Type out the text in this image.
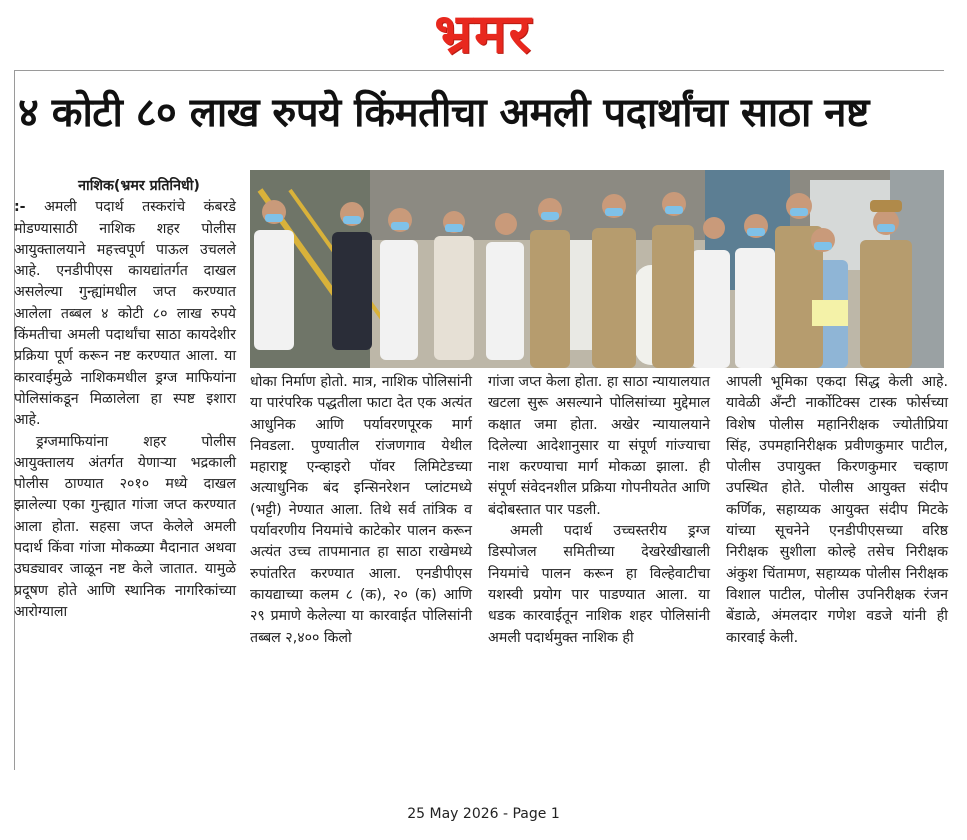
भ्रमर
४ कोटी ८० लाख रुपये किंमतीचा अमली पदार्थांचा साठा नष्ट
नाशिक(भ्रमर प्रतिनिधी)

:- अमली पदार्थ तस्करांचे कंबरडे मोडण्यासाठी नाशिक शहर पोलीस आयुक्तालयाने महत्त्वपूर्ण पाऊल उचलले आहे. एनडीपीएस कायद्यांतर्गत दाखल असलेल्या गुन्ह्यांमधील जप्त करण्यात आलेला तब्बल ४ कोटी ८० लाख रुपये किंमतीचा अमली पदार्थांचा साठा कायदेशीर प्रक्रिया पूर्ण करून नष्ट करण्यात आला. या कारवाईमुळे नाशिकमधील ड्रग्ज माफियांना पोलिसांकडून मिळालेला हा स्पष्ट इशारा आहे.

ड्रग्जमाफियांना शहर पोलीस आयुक्तालय अंतर्गत येणाऱ्या भद्रकाली पोलीस ठाण्यात २०१० मध्ये दाखल झालेल्या एका गुन्ह्यात गांजा जप्त करण्यात आला होता. सहसा जप्त केलेले अमली पदार्थ किंवा गांजा मोकळ्या मैदानात अथवा उघड्यावर जाळून नष्ट केले जातात. यामुळे प्रदूषण होते आणि स्थानिक नागरिकांच्या आरोग्याला

धोका निर्माण होतो. मात्र, नाशिक पोलिसांनी या पारंपरिक पद्धतीला फाटा देत एक अत्यंत आधुनिक आणि पर्यावरणपूरक मार्ग निवडला. पुण्यातील रांजणगाव येथील महाराष्ट्र एन्व्हाइरो पॉवर लिमिटेडच्या अत्याधुनिक बंद इन्सिनरेशन प्लांटमध्ये (भट्टी) नेण्यात आला. तिथे सर्व तांत्रिक व पर्यावरणीय नियमांचे काटेकोर पालन करून अत्यंत उच्च तापमानात हा साठा राखेमध्ये रुपांतरित करण्यात आला. एनडीपीएस कायद्याच्या कलम ८ (क), २० (क) आणि २९ प्रमाणे केलेल्या या कारवाईत पोलिसांनी तब्बल २,४०० किलो

गांजा जप्त केला होता. हा साठा न्यायालयात खटला सुरू असल्याने पोलिसांच्या मुद्देमाल कक्षात जमा होता. अखेर न्यायालयाने दिलेल्या आदेशानुसार या संपूर्ण गांज्याचा नाश करण्याचा मार्ग मोकळा झाला. ही संपूर्ण संवेदनशील प्रक्रिया गोपनीयतेत आणि बंदोबस्तात पार पडली.

अमली पदार्थ उच्चस्तरीय ड्रग्ज डिस्पोजल समितीच्या देखरेखीखाली नियमांचे पालन करून हा विल्हेवाटीचा यशस्वी प्रयोग पार पाडण्यात आला. या धडक कारवाईतून नाशिक शहर पोलिसांनी अमली पदार्थमुक्त नाशिक ही

आपली भूमिका एकदा सिद्ध केली आहे. यावेळी अँन्टी नार्कोटिक्स टास्क फोर्सच्या विशेष पोलीस महानिरीक्षक ज्योतीप्रिया सिंह, उपमहानिरीक्षक प्रवीणकुमार पाटील, पोलीस उपायुक्त किरणकुमार चव्हाण उपस्थित होते. पोलीस आयुक्त संदीप कर्णिक, सहाय्यक आयुक्त संदीप मिटके यांच्या सूचनेने एनडीपीएसच्या वरिष्ठ निरीक्षक सुशीला कोल्हे तसेच निरीक्षक अंकुश चिंतामण, सहाय्यक पोलीस निरीक्षक विशाल पाटील, पोलीस उपनिरीक्षक रंजन बेंडाळे, अंमलदार गणेश वडजे यांनी ही कारवाई केली.

25 May 2026 - Page 1
